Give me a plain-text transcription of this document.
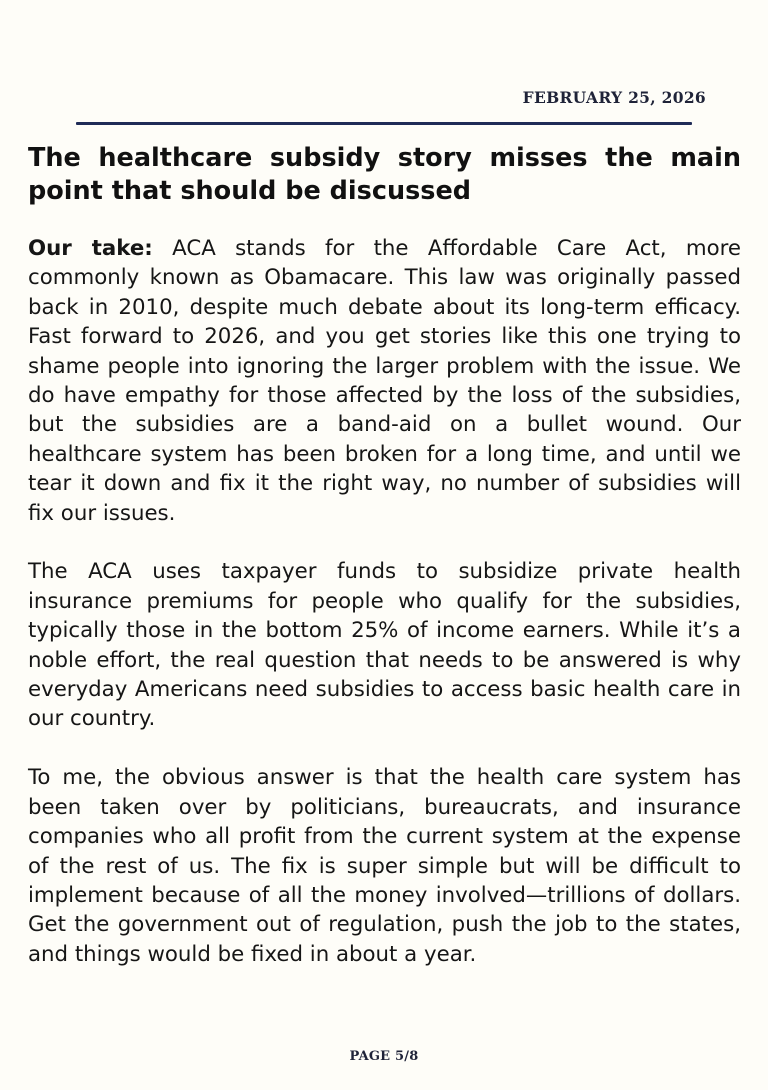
FEBRUARY 25, 2026
The healthcare subsidy story misses the main point that should be discussed

Our take: ACA stands for the Affordable Care Act, more commonly known as Obamacare. This law was originally passed back in 2010, despite much debate about its long-term efficacy. Fast forward to 2026, and you get stories like this one trying to shame people into ignoring the larger problem with the issue. We do have empathy for those affected by the loss of the subsidies, but the subsidies are a band-aid on a bullet wound. Our healthcare system has been broken for a long time, and until we tear it down and fix it the right way, no number of subsidies will fix our issues.

The ACA uses taxpayer funds to subsidize private health insurance premiums for people who qualify for the subsidies, typically those in the bottom 25% of income earners. While it’s a noble effort, the real question that needs to be answered is why everyday Americans need subsidies to access basic health care in our country.

To me, the obvious answer is that the health care system has been taken over by politicians, bureaucrats, and insurance companies who all profit from the current system at the expense of the rest of us. The fix is super simple but will be difficult to implement because of all the money involved—trillions of dollars. Get the government out of regulation, push the job to the states, and things would be fixed in about a year.

PAGE 5/8
